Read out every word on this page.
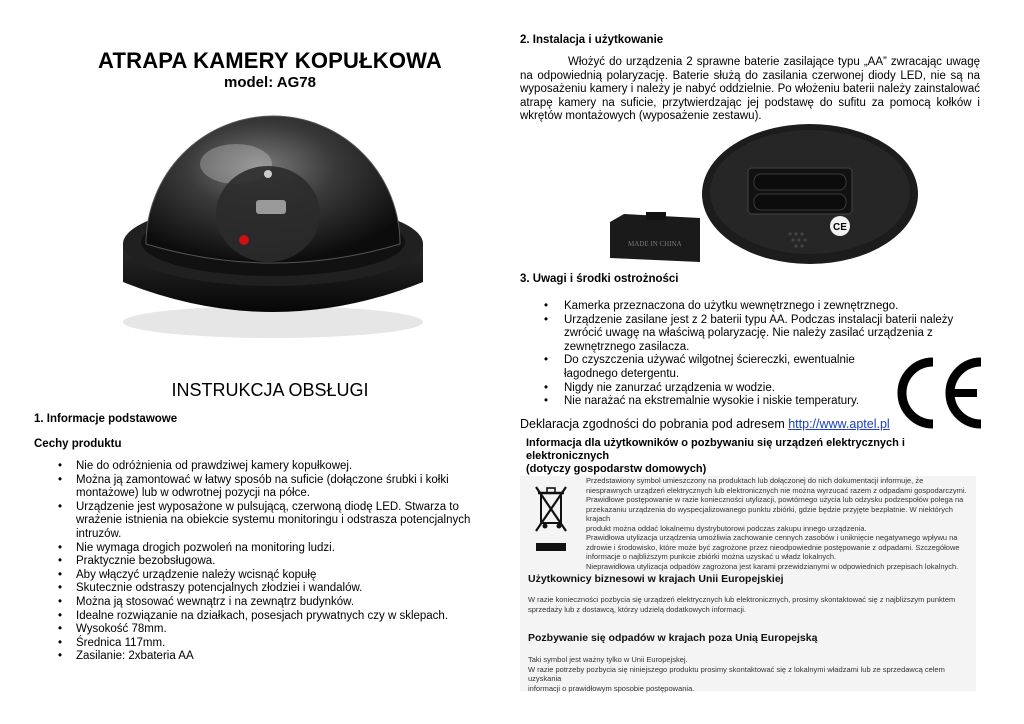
ATRAPA KAMERY KOPUŁKOWA
model: AG78
INSTRUKCJA OBSŁUGI
1. Informacje podstawowe
Cechy produktu
• Nie do odróżnienia od prawdziwej kamery kopułkowej.
• Można ją zamontować w łatwy sposób na suficie (dołączone śrubki i kołki montażowe) lub w odwrotnej pozycji na półce.
• Urządzenie jest wyposażone w pulsującą, czerwoną diodę LED. Stwarza to wrażenie istnienia na obiekcie systemu monitoringu i odstrasza potencjalnych intruzów.
• Nie wymaga drogich pozwoleń na monitoring ludzi.
• Praktycznie bezobsługowa.
• Aby włączyć urządzenie należy wcisnąć kopułę
• Skutecznie odstraszy potencjalnych złodziei i wandalów.
• Można ją stosować wewnątrz i na zewnątrz budynków.
• Idealne rozwiązanie na działkach, posesjach prywatnych czy w sklepach.
• Wysokość 78mm.
• Średnica 117mm.
• Zasilanie: 2xbateria AA
2. Instalacja i użytkowanie
Włożyć do urządzenia 2 sprawne baterie zasilające typu „AA” zwracając uwagę na odpowiednią polaryzację. Baterie służą do zasilania czerwonej diody LED, nie są na wyposażeniu kamery i należy je nabyć oddzielnie. Po włożeniu baterii należy zainstalować atrapę kamery na suficie, przytwierdzając jej podstawę do sufitu za pomocą kołków i wkrętów montażowych (wyposażenie zestawu).
MADE IN CHINA
CE
3. Uwagi i środki ostrożności
• Kamerka przeznaczona do użytku wewnętrznego i zewnętrznego.
• Urządzenie zasilane jest z 2 baterii typu AA. Podczas instalacji baterii należy zwrócić uwagę na właściwą polaryzację. Nie należy zasilać urządzenia z zewnętrznego zasilacza.
• Do czyszczenia używać wilgotnej ściereczki, ewentualnie łagodnego detergentu.
• Nigdy nie zanurzać urządzenia w wodzie.
• Nie narażać na ekstremalnie wysokie i niskie temperatury.
Deklaracja zgodności do pobrania pod adresem http://www.aptel.pl
Informacja dla użytkowników o pozbywaniu się urządzeń elektrycznych i elektronicznych
(dotyczy gospodarstw domowych)
Przedstawiony symbol umieszczony na produktach lub dołączonej do nich dokumentacji informuje, że
niesprawnych urządzeń elektrycznych lub elektronicznych nie można wyrzucać razem z odpadami gospodarczymi.
Prawidłowe postępowanie w razie konieczności utylizacji, powtórnego użycia lub odzysku podzespołów polega na
przekazaniu urządzenia do wyspecjalizowanego punktu zbiórki, gdzie będzie przyjęte bezpłatnie. W niektórych krajach
produkt można oddać lokalnemu dystrybutorowi podczas zakupu innego urządzenia.
Prawidłowa utylizacja urządzenia umożliwia zachowanie cennych zasobów i uniknięcie negatywnego wpływu na
zdrowie i środowisko, które może być zagrożone przez nieodpowiednie postępowanie z odpadami. Szczegółowe
informacje o najbliższym punkcie zbiórki można uzyskać u władz lokalnych.
Nieprawidłowa utylizacja odpadów zagrożona jest karami przewidzianymi w odpowiednich przepisach lokalnych.
Użytkownicy biznesowi w krajach Unii Europejskiej
W razie konieczności pozbycia się urządzeń elektrycznych lub elektronicznych, prosimy skontaktować się z najbliższym punktem
sprzedaży lub z dostawcą, którzy udzielą dodatkowych informacji.
Pozbywanie się odpadów w krajach poza Unią Europejską
Taki symbol jest ważny tylko w Unii Europejskej.
W razie potrzeby pozbycia się niniejszego produktu prosimy skontaktować się z lokalnymi władzami lub ze sprzedawcą celem uzyskania
informacji o prawidłowym sposobie postępowania.
